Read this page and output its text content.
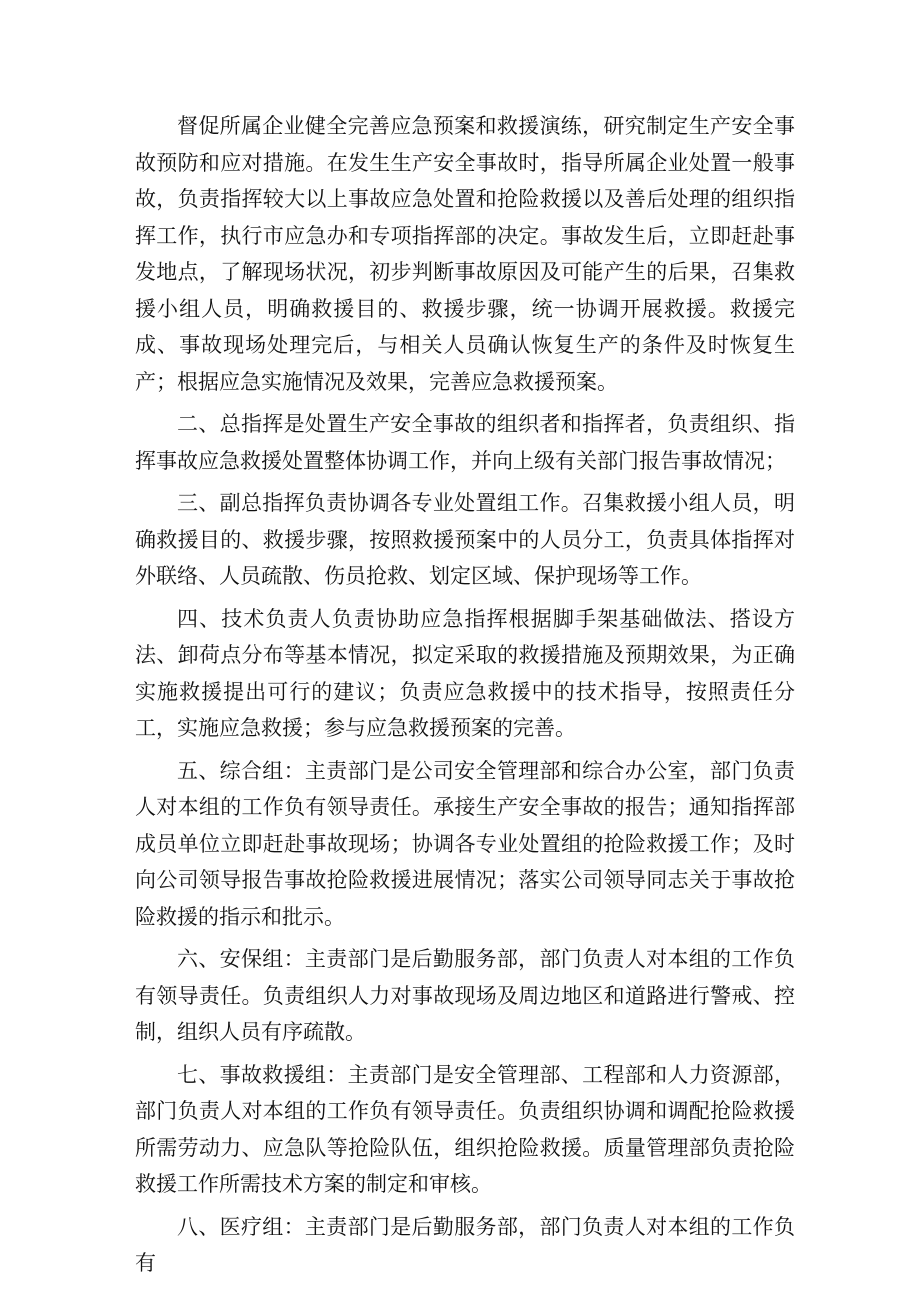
督促所属企业健全完善应急预案和救援演练，研究制定生产安全事故预防和应对措施。在发生生产安全事故时，指导所属企业处置一般事故，负责指挥较大以上事故应急处置和抢险救援以及善后处理的组织指挥工作，执行市应急办和专项指挥部的决定。事故发生后，立即赶赴事发地点，了解现场状况，初步判断事故原因及可能产生的后果，召集救援小组人员，明确救援目的、救援步骤，统一协调开展救援。救援完成、事故现场处理完后，与相关人员确认恢复生产的条件及时恢复生产；根据应急实施情况及效果，完善应急救援预案。

二、总指挥是处置生产安全事故的组织者和指挥者，负责组织、指挥事故应急救援处置整体协调工作，并向上级有关部门报告事故情况；

三、副总指挥负责协调各专业处置组工作。召集救援小组人员，明确救援目的、救援步骤，按照救援预案中的人员分工，负责具体指挥对外联络、人员疏散、伤员抢救、划定区域、保护现场等工作。

四、技术负责人负责协助应急指挥根据脚手架基础做法、搭设方法、卸荷点分布等基本情况，拟定采取的救援措施及预期效果，为正确实施救援提出可行的建议；负责应急救援中的技术指导，按照责任分工，实施应急救援；参与应急救援预案的完善。

五、综合组：主责部门是公司安全管理部和综合办公室，部门负责人对本组的工作负有领导责任。承接生产安全事故的报告；通知指挥部成员单位立即赶赴事故现场；协调各专业处置组的抢险救援工作；及时向公司领导报告事故抢险救援进展情况；落实公司领导同志关于事故抢险救援的指示和批示。

六、安保组：主责部门是后勤服务部，部门负责人对本组的工作负有领导责任。负责组织人力对事故现场及周边地区和道路进行警戒、控制，组织人员有序疏散。

七、事故救援组：主责部门是安全管理部、工程部和人力资源部，部门负责人对本组的工作负有领导责任。负责组织协调和调配抢险救援所需劳动力、应急队等抢险队伍，组织抢险救援。质量管理部负责抢险救援工作所需技术方案的制定和审核。

八、医疗组：主责部门是后勤服务部，部门负责人对本组的工作负有
